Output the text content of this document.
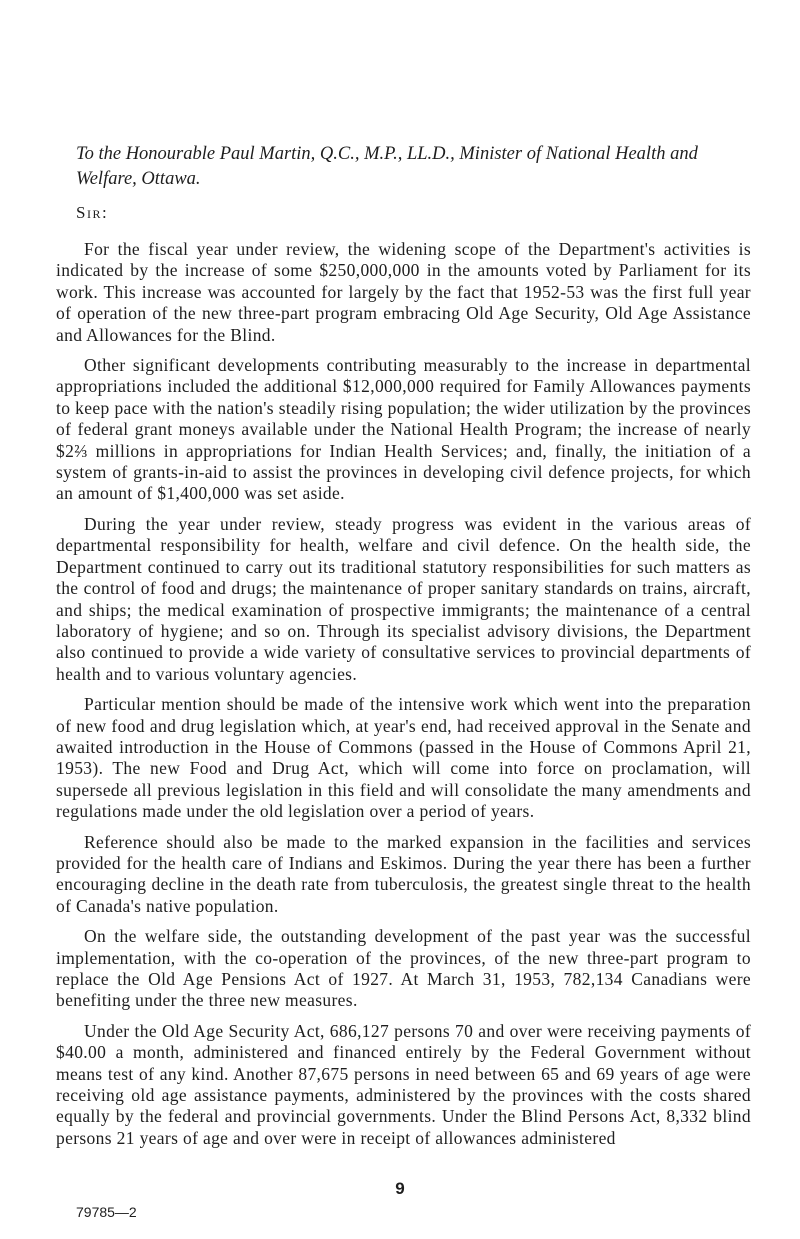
To the Honourable Paul Martin, Q.C., M.P., LL.D., Minister of National Health and Welfare, Ottawa.

Sir:

For the fiscal year under review, the widening scope of the Department's activities is indicated by the increase of some $250,000,000 in the amounts voted by Parliament for its work. This increase was accounted for largely by the fact that 1952-53 was the first full year of operation of the new three-part program embracing Old Age Security, Old Age Assistance and Allowances for the Blind.

Other significant developments contributing measurably to the increase in departmental appropriations included the additional $12,000,000 required for Family Allowances payments to keep pace with the nation's steadily rising population; the wider utilization by the provinces of federal grant moneys available under the National Health Program; the increase of nearly $2⅔ millions in appropriations for Indian Health Services; and, finally, the initiation of a system of grants-in-aid to assist the provinces in developing civil defence projects, for which an amount of $1,400,000 was set aside.

During the year under review, steady progress was evident in the various areas of departmental responsibility for health, welfare and civil defence. On the health side, the Department continued to carry out its traditional statutory responsibilities for such matters as the control of food and drugs; the maintenance of proper sanitary standards on trains, aircraft, and ships; the medical examination of prospective immigrants; the maintenance of a central laboratory of hygiene; and so on. Through its specialist advisory divisions, the Department also continued to provide a wide variety of consultative services to provincial departments of health and to various voluntary agencies.

Particular mention should be made of the intensive work which went into the preparation of new food and drug legislation which, at year's end, had received approval in the Senate and awaited introduction in the House of Commons (passed in the House of Commons April 21, 1953). The new Food and Drug Act, which will come into force on proclamation, will supersede all previous legislation in this field and will consolidate the many amendments and regulations made under the old legislation over a period of years.

Reference should also be made to the marked expansion in the facilities and services provided for the health care of Indians and Eskimos. During the year there has been a further encouraging decline in the death rate from tuberculosis, the greatest single threat to the health of Canada's native population.

On the welfare side, the outstanding development of the past year was the successful implementation, with the co-operation of the provinces, of the new three-part program to replace the Old Age Pensions Act of 1927. At March 31, 1953, 782,134 Canadians were benefiting under the three new measures.

Under the Old Age Security Act, 686,127 persons 70 and over were receiving payments of $40.00 a month, administered and financed entirely by the Federal Government without means test of any kind. Another 87,675 persons in need between 65 and 69 years of age were receiving old age assistance payments, administered by the provinces with the costs shared equally by the federal and provincial governments. Under the Blind Persons Act, 8,332 blind persons 21 years of age and over were in receipt of allowances administered

9

79785—2
